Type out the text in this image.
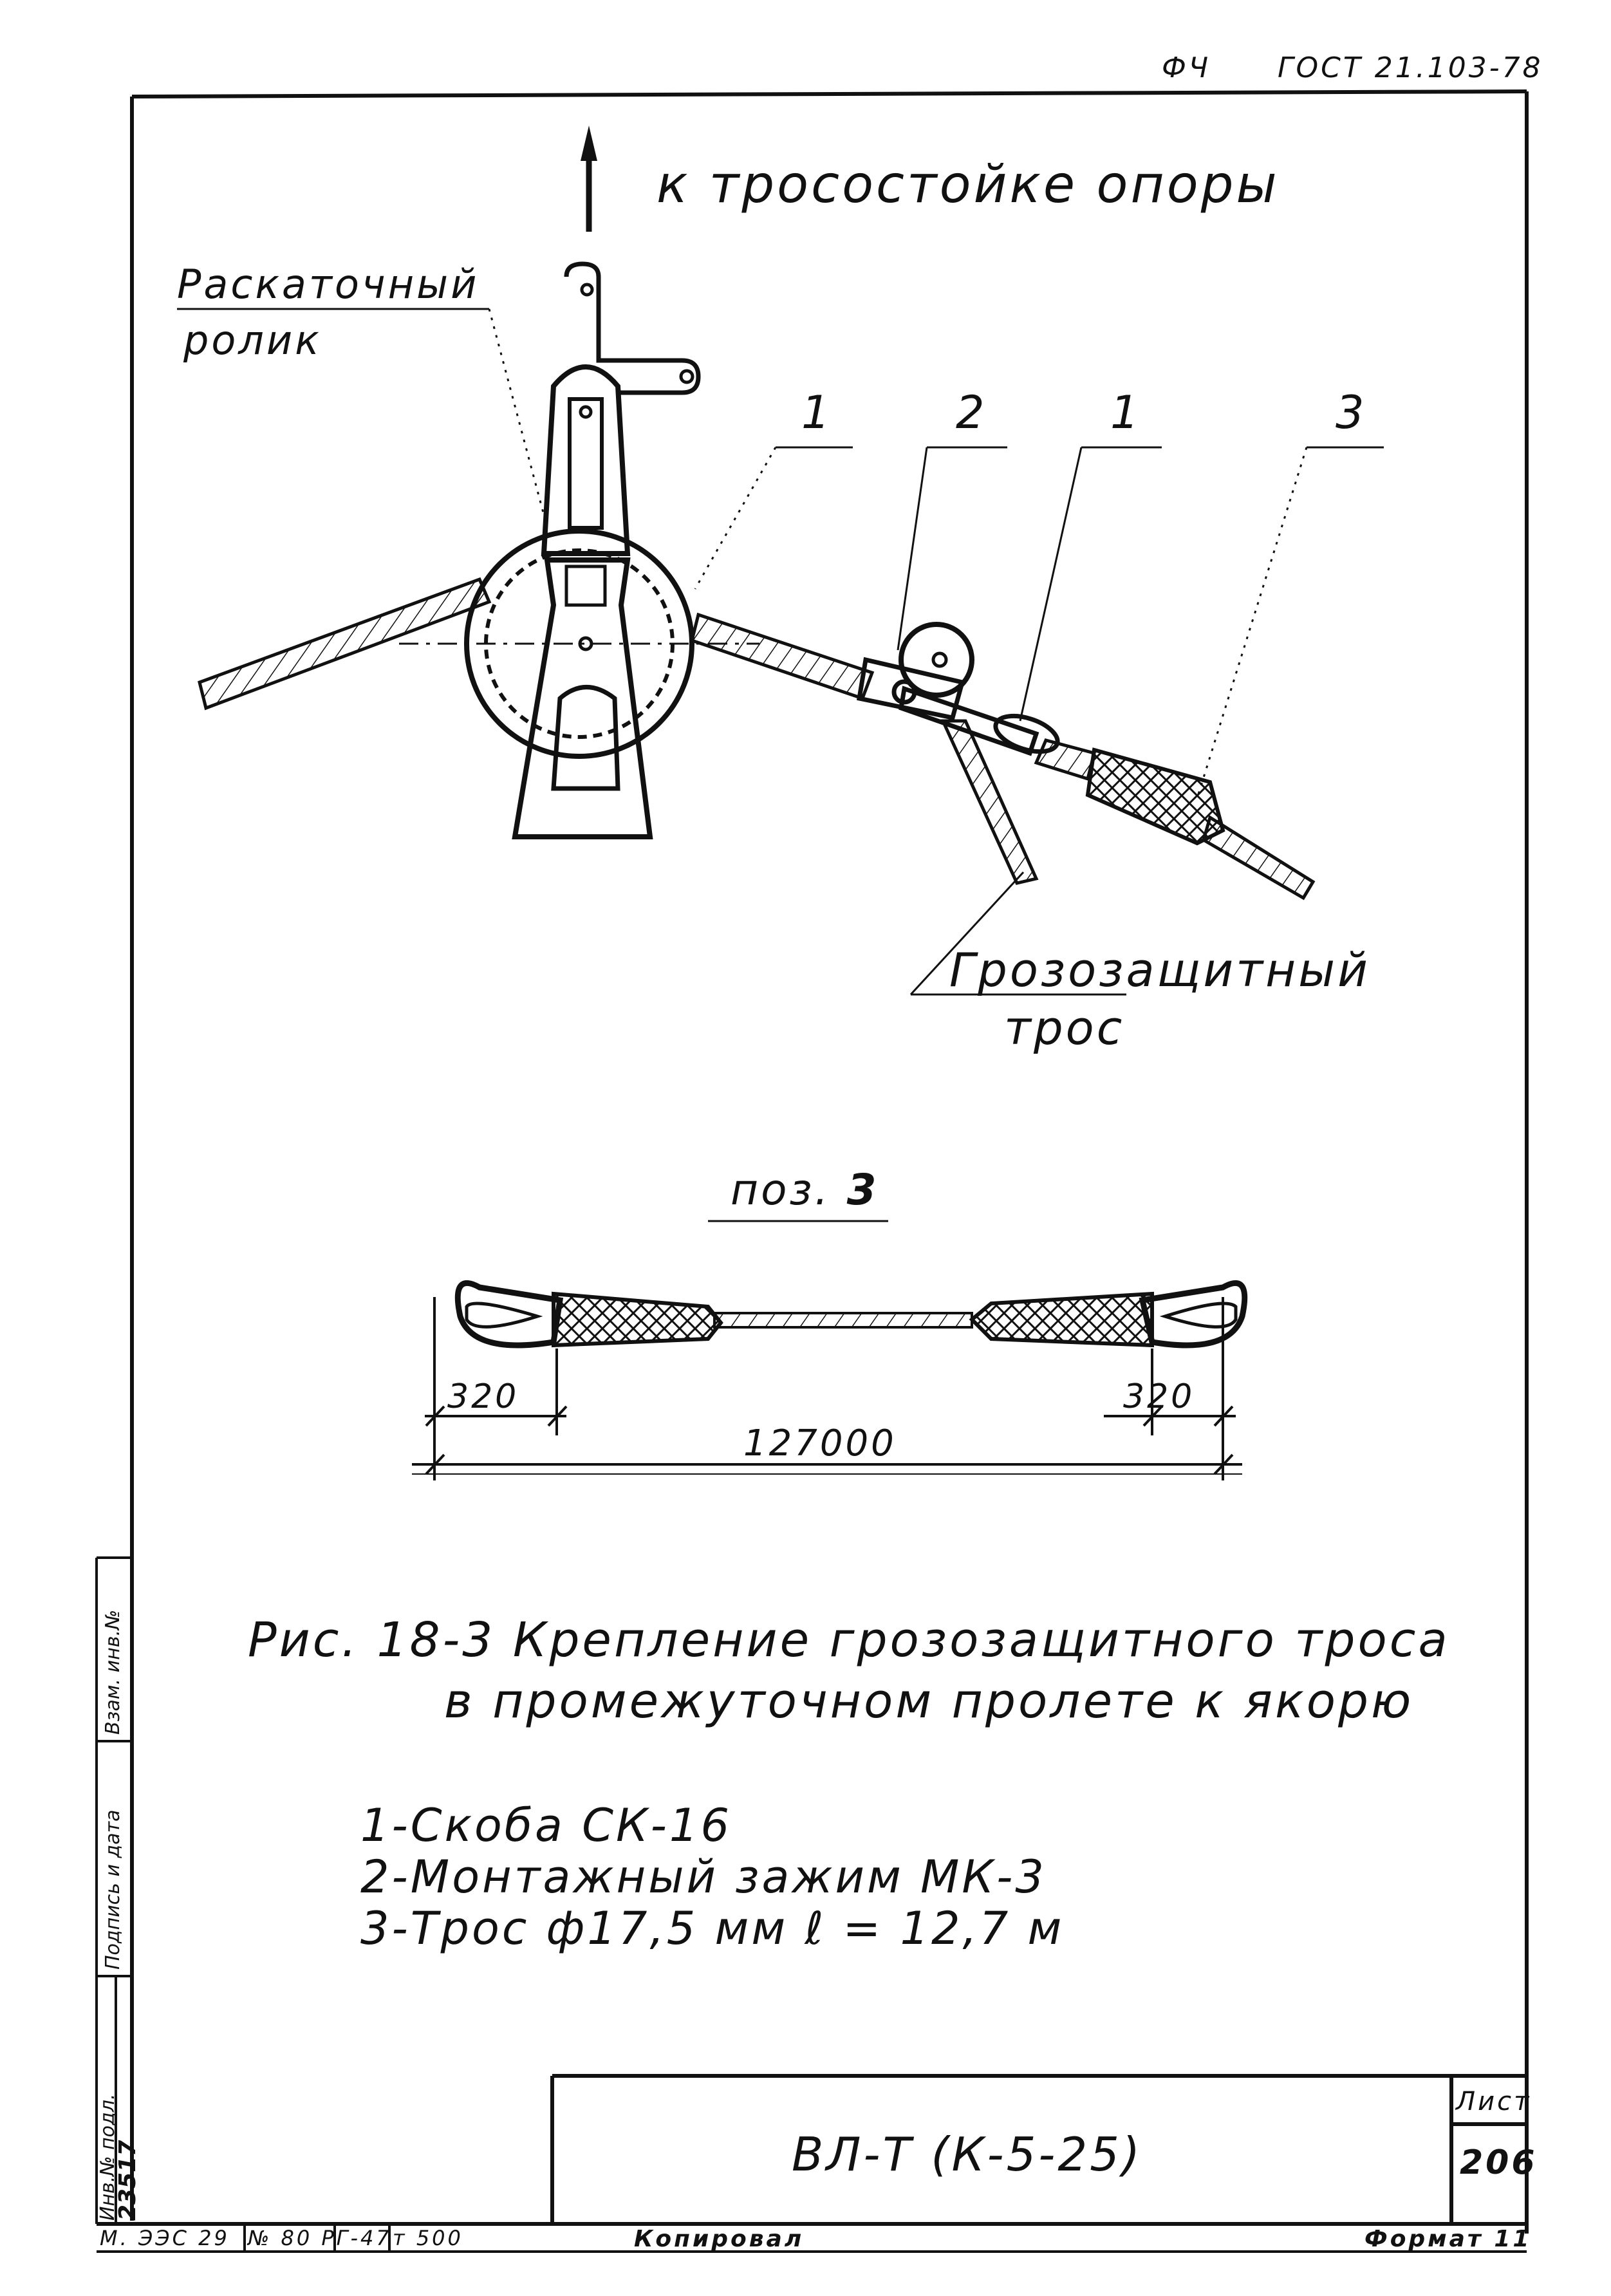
ФЧ ГОСТ 21.103-78
к тросостойке опоры
Раскаточный
ролик
1	2	1	3
Грозозащитный
трос
поз. 3
320	320
127000
Рис. 18-3 Крепление грозозащитного троса
в промежуточном пролете к якорю
1-Скоба СК-16
2-Монтажный зажим МК-3
3-Трос ф17,5 мм ℓ = 12,7 м
Инв.№ подл.
23517
Подпись и дата
Взам. инв.№
ВЛ-Т (К-5-25)
Лист
206
М. ЭЭС 29 № 80 РГ-47 т 500	Копировал	Формат 11
